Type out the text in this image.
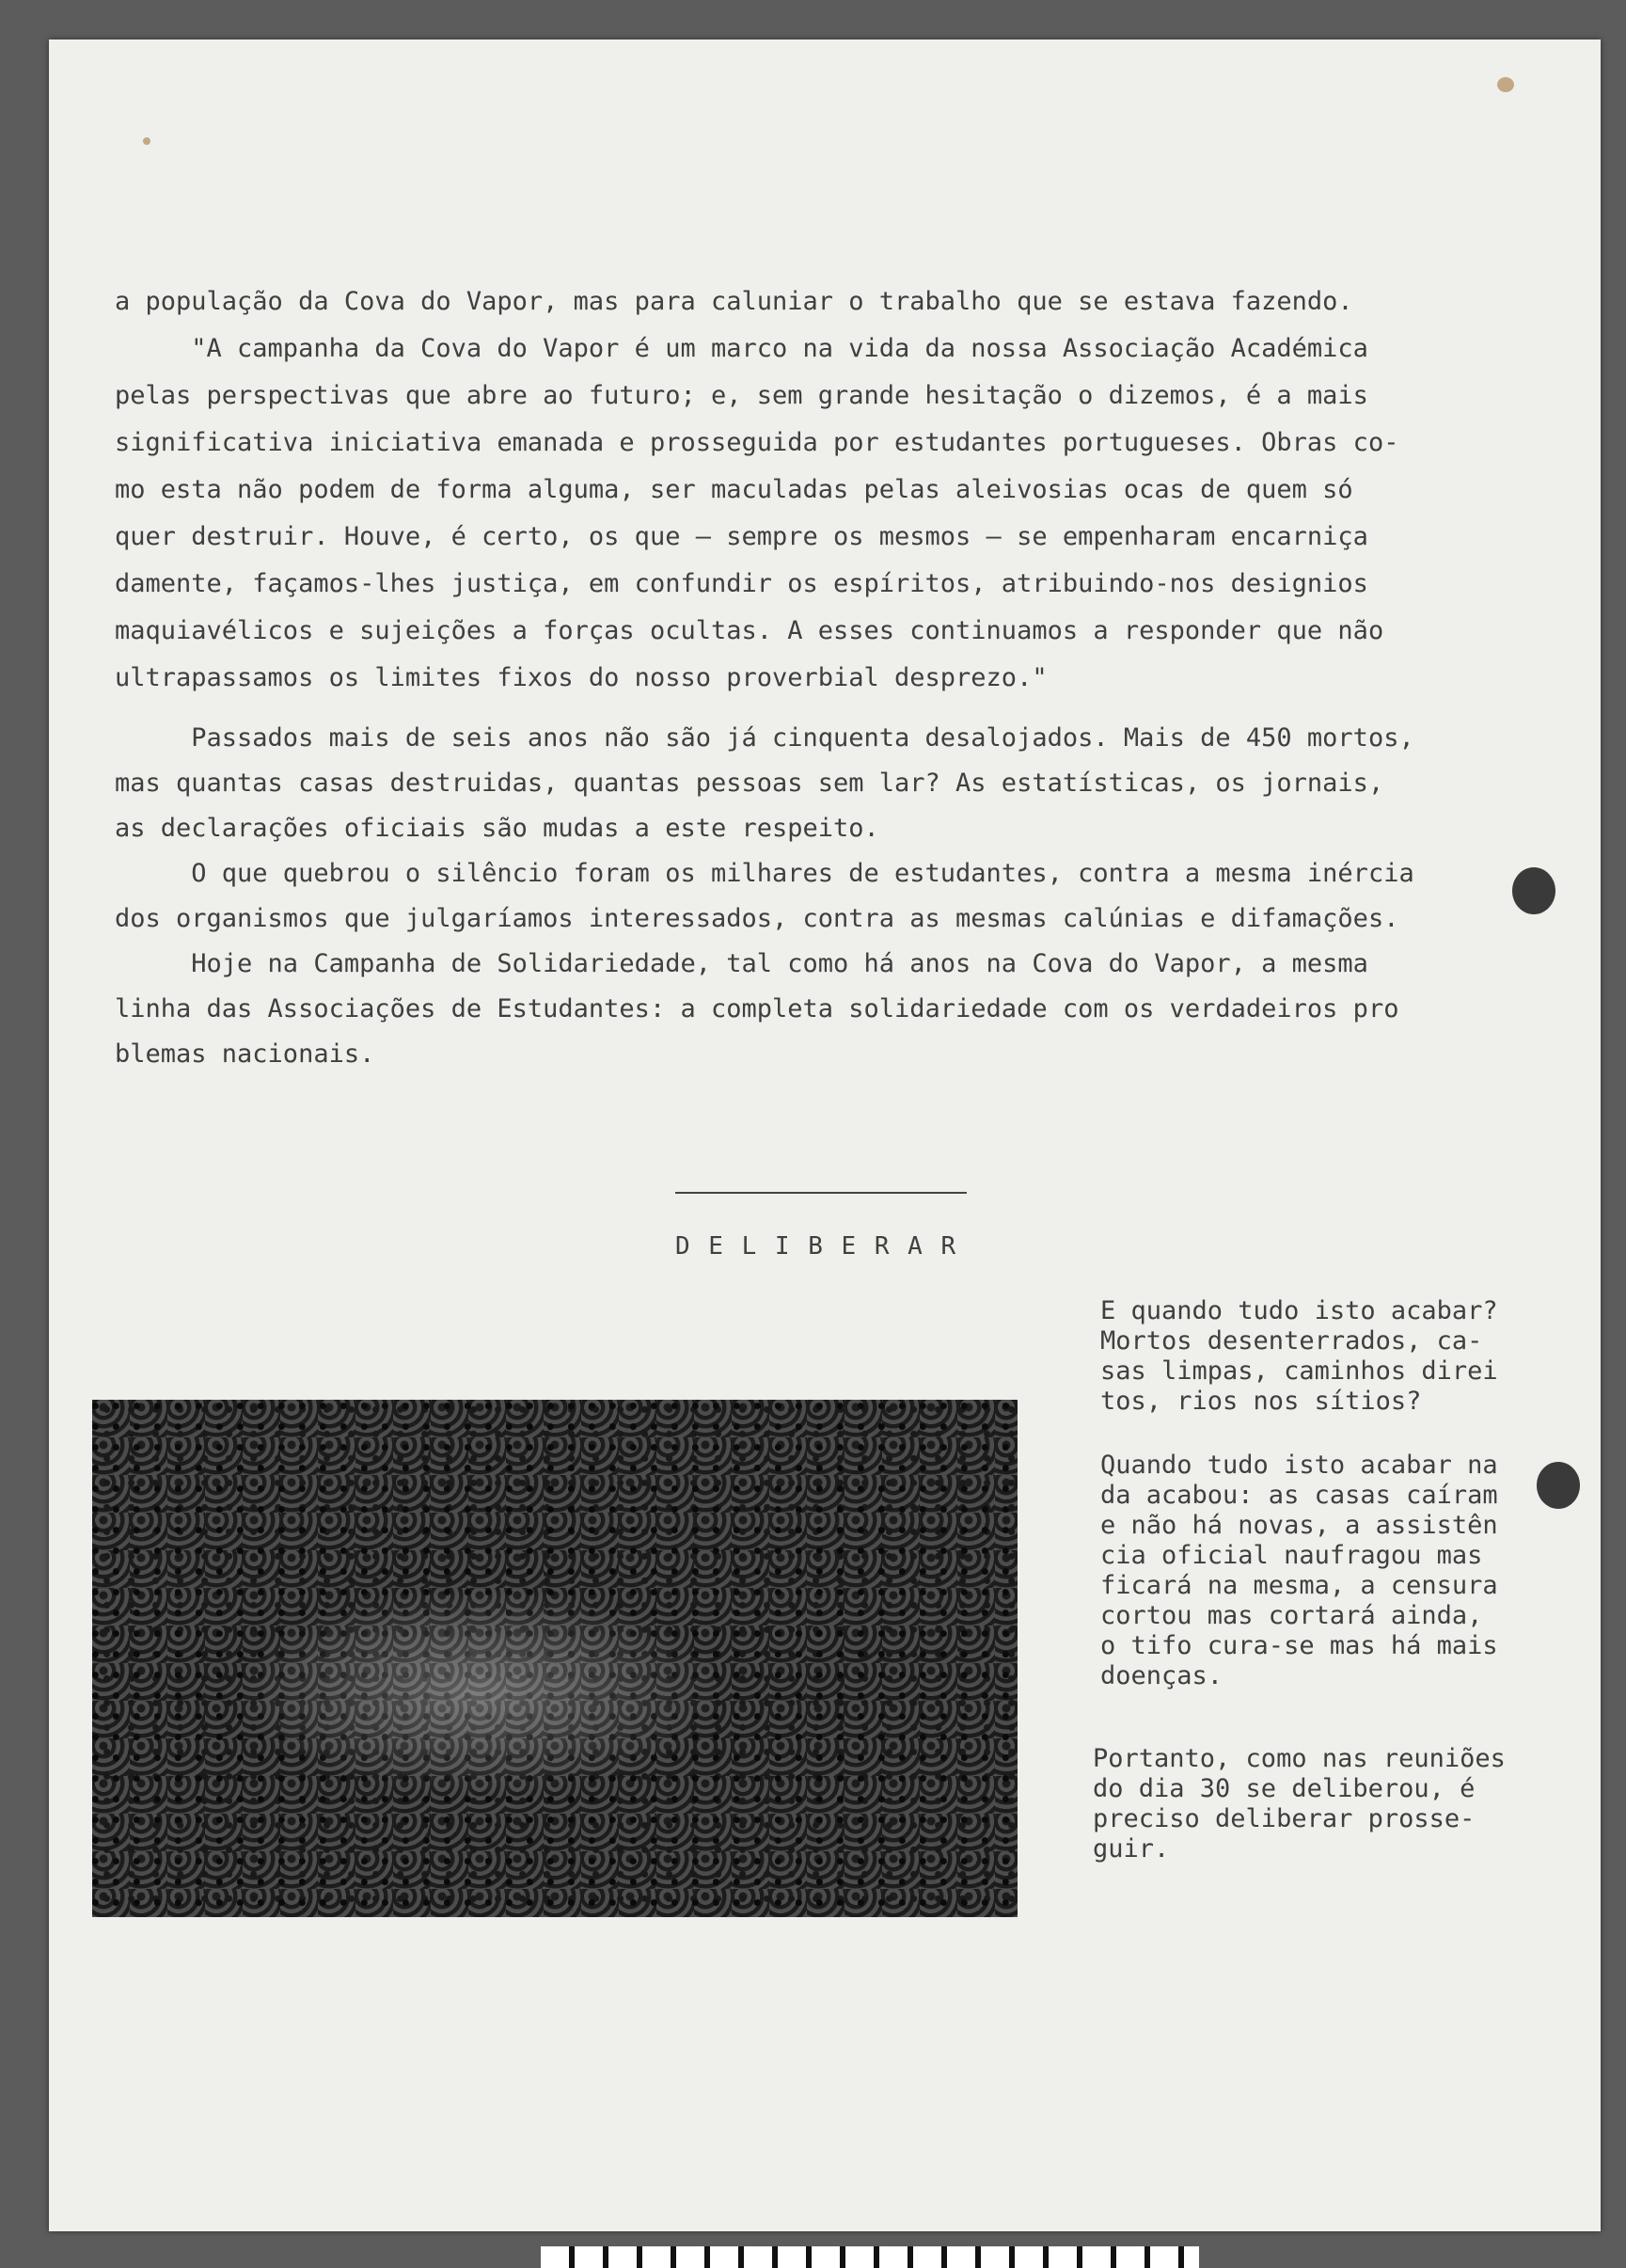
a população da Cova do Vapor, mas para caluniar o trabalho que se estava fazendo.
"A campanha da Cova do Vapor é um marco na vida da nossa Associação Académica
pelas perspectivas que abre ao futuro; e, sem grande hesitação o dizemos, é a mais
significativa iniciativa emanada e prosseguida por estudantes portugueses. Obras co-
mo esta não podem de forma alguma, ser maculadas pelas aleivosias ocas de quem só
quer destruir. Houve, é certo, os que — sempre os mesmos — se empenharam encarniça
damente, façamos-lhes justiça, em confundir os espíritos, atribuindo-nos designios
maquiavélicos e sujeições a forças ocultas. A esses continuamos a responder que não
ultrapassamos os limites fixos do nosso proverbial desprezo."
Passados mais de seis anos não são já cinquenta desalojados. Mais de 450 mortos,
mas quantas casas destruidas, quantas pessoas sem lar? As estatísticas, os jornais,
as declarações oficiais são mudas a este respeito.
O que quebrou o silêncio foram os milhares de estudantes, contra a mesma inércia
dos organismos que julgaríamos interessados, contra as mesmas calúnias e difamações.
Hoje na Campanha de Solidariedade, tal como há anos na Cova do Vapor, a mesma
linha das Associações de Estudantes: a completa solidariedade com os verdadeiros pro
blemas nacionais.
D E L I B E R A R
E quando tudo isto acabar?
Mortos desenterrados, ca-
sas limpas, caminhos direi
tos, rios nos sítios?
Quando tudo isto acabar na
da acabou: as casas caíram
e não há novas, a assistên
cia oficial naufragou mas
ficará na mesma, a censura
cortou mas cortará ainda,
o tifo cura-se mas há mais
doenças.
Portanto, como nas reuniões
do dia 30 se deliberou, é
preciso deliberar prosse-
guir.
